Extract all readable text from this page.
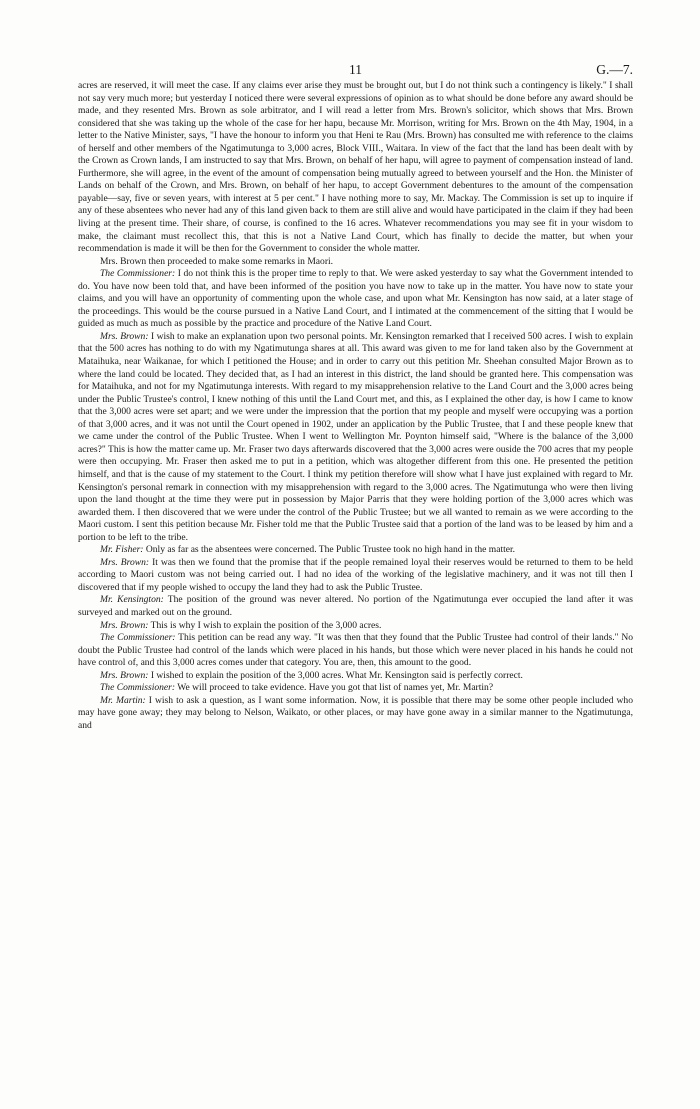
11	G.—7.

acres are reserved, it will meet the case. If any claims ever arise they must be brought out, but I do not think such a contingency is likely." I shall not say very much more; but yesterday I noticed there were several expressions of opinion as to what should be done before any award should be made, and they resented Mrs. Brown as sole arbitrator, and I will read a letter from Mrs. Brown's solicitor, which shows that Mrs. Brown considered that she was taking up the whole of the case for her hapu, because Mr. Morrison, writing for Mrs. Brown on the 4th May, 1904, in a letter to the Native Minister, says, "I have the honour to inform you that Heni te Rau (Mrs. Brown) has consulted me with reference to the claims of herself and other members of the Ngatimutunga to 3,000 acres, Block VIII., Waitara. In view of the fact that the land has been dealt with by the Crown as Crown lands, I am instructed to say that Mrs. Brown, on behalf of her hapu, will agree to payment of compensation instead of land. Furthermore, she will agree, in the event of the amount of compensation being mutually agreed to between yourself and the Hon. the Minister of Lands on behalf of the Crown, and Mrs. Brown, on behalf of her hapu, to accept Government debentures to the amount of the compensation payable—say, five or seven years, with interest at 5 per cent." I have nothing more to say, Mr. Mackay. The Commission is set up to inquire if any of these absentees who never had any of this land given back to them are still alive and would have participated in the claim if they had been living at the present time. Their share, of course, is confined to the 16 acres. Whatever recommendations you may see fit in your wisdom to make, the claimant must recollect this, that this is not a Native Land Court, which has finally to decide the matter, but when your recommendation is made it will be then for the Government to consider the whole matter.

Mrs. Brown then proceeded to make some remarks in Maori.

The Commissioner: I do not think this is the proper time to reply to that. We were asked yesterday to say what the Government intended to do. You have now been told that, and have been informed of the position you have now to take up in the matter. You have now to state your claims, and you will have an opportunity of commenting upon the whole case, and upon what Mr. Kensington has now said, at a later stage of the proceedings. This would be the course pursued in a Native Land Court, and I intimated at the commencement of the sitting that I would be guided as much as much as possible by the practice and procedure of the Native Land Court.

Mrs. Brown: I wish to make an explanation upon two personal points. Mr. Kensington remarked that I received 500 acres. I wish to explain that the 500 acres has nothing to do with my Ngatimutunga shares at all. This award was given to me for land taken also by the Government at Mataihuka, near Waikanae, for which I petitioned the House; and in order to carry out this petition Mr. Sheehan consulted Major Brown as to where the land could be located. They decided that, as I had an interest in this district, the land should be granted here. This compensation was for Mataihuka, and not for my Ngatimutunga interests. With regard to my misapprehension relative to the Land Court and the 3,000 acres being under the Public Trustee's control, I knew nothing of this until the Land Court met, and this, as I explained the other day, is how I came to know that the 3,000 acres were set apart; and we were under the impression that the portion that my people and myself were occupying was a portion of that 3,000 acres, and it was not until the Court opened in 1902, under an application by the Public Trustee, that I and these people knew that we came under the control of the Public Trustee. When I went to Wellington Mr. Poynton himself said, "Where is the balance of the 3,000 acres?" This is how the matter came up. Mr. Fraser two days afterwards discovered that the 3,000 acres were ouside the 700 acres that my people were then occupying. Mr. Fraser then asked me to put in a petition, which was altogether different from this one. He presented the petition himself, and that is the cause of my statement to the Court. I think my petition therefore will show what I have just explained with regard to Mr. Kensington's personal remark in connection with my misapprehension with regard to the 3,000 acres. The Ngatimutunga who were then living upon the land thought at the time they were put in possession by Major Parris that they were holding portion of the 3,000 acres which was awarded them. I then discovered that we were under the control of the Public Trustee; but we all wanted to remain as we were according to the Maori custom. I sent this petition because Mr. Fisher told me that the Public Trustee said that a portion of the land was to be leased by him and a portion to be left to the tribe.

Mr. Fisher: Only as far as the absentees were concerned. The Public Trustee took no high hand in the matter.

Mrs. Brown: It was then we found that the promise that if the people remained loyal their reserves would be returned to them to be held according to Maori custom was not being carried out. I had no idea of the working of the legislative machinery, and it was not till then I discovered that if my people wished to occupy the land they had to ask the Public Trustee.

Mr. Kensington: The position of the ground was never altered. No portion of the Ngatimutunga ever occupied the land after it was surveyed and marked out on the ground.

Mrs. Brown: This is why I wish to explain the position of the 3,000 acres.

The Commissioner: This petition can be read any way. "It was then that they found that the Public Trustee had control of their lands." No doubt the Public Trustee had control of the lands which were placed in his hands, but those which were never placed in his hands he could not have control of, and this 3,000 acres comes under that category. You are, then, this amount to the good.

Mrs. Brown: I wished to explain the position of the 3,000 acres. What Mr. Kensington said is perfectly correct.

The Commissioner: We will proceed to take evidence. Have you got that list of names yet, Mr. Martin?

Mr. Martin: I wish to ask a question, as I want some information. Now, it is possible that there may be some other people included who may have gone away; they may belong to Nelson, Waikato, or other places, or may have gone away in a similar manner to the Ngatimutunga, and
